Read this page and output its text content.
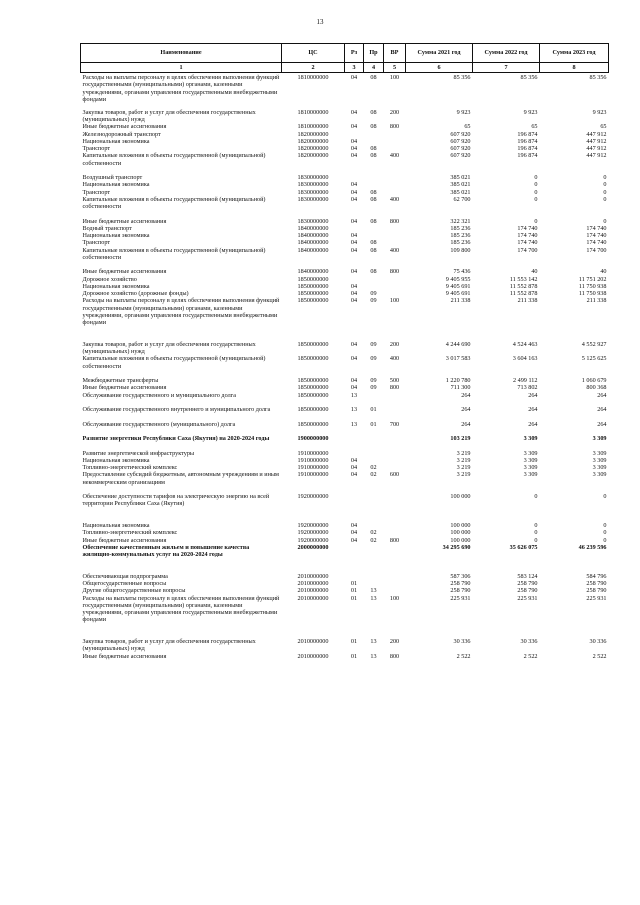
13
Наименование	ЦС	Рз	Пр	ВР	Сумма 2021 год	Сумма 2022 год	Сумма 2023 год
1	2	3	4	5	6	7	8
Расходы на выплаты персоналу в целях обеспечения выполнения функций государственными (муниципальными) органами, казенными учреждениями, органами управления государственными внебюджетными фондами	1810000000	04	08	100	85 356	85 356	85 356
Закупка товаров, работ и услуг для обеспечения государственных (муниципальных) нужд	1810000000	04	08	200	9 923	9 923	9 923
Иные бюджетные ассигнования	1810000000	04	08	800	65	65	65
Железнодорожный транспорт	1820000000				607 920	196 874	447 912
Национальная экономика	1820000000	04			607 920	196 874	447 912
Транспорт	1820000000	04	08		607 920	196 874	447 912
Капитальные вложения в объекты государственной (муниципальной) собственности	1820000000	04	08	400	607 920	196 874	447 912
Воздушный транспорт	1830000000				385 021	0	0
Национальная экономика	1830000000	04			385 021	0	0
Транспорт	1830000000	04	08		385 021	0	0
Капитальные вложения в объекты государственной (муниципальной) собственности	1830000000	04	08	400	62 700	0	0
Иные бюджетные ассигнования	1830000000	04	08	800	322 321	0	0
Водный транспорт	1840000000				185 236	174 740	174 740
Национальная экономика	1840000000	04			185 236	174 740	174 740
Транспорт	1840000000	04	08		185 236	174 740	174 740
Капитальные вложения в объекты государственной (муниципальной) собственности	1840000000	04	08	400	109 800	174 700	174 700
Иные бюджетные ассигнования	1840000000	04	08	800	75 436	40	40
Дорожное хозяйство	1850000000				9 405 955	11 553 142	11 751 202
Национальная экономика	1850000000	04			9 405 691	11 552 878	11 750 938
Дорожное хозяйство (дорожные фонды)	1850000000	04	09		9 405 691	11 552 878	11 750 938
Расходы на выплаты персоналу в целях обеспечения выполнения функций государственными (муниципальными) органами, казенными учреждениями, органами управления государственными внебюджетными фондами	1850000000	04	09	100	211 338	211 338	211 338
Закупка товаров, работ и услуг для обеспечения государственных (муниципальных) нужд	1850000000	04	09	200	4 244 690	4 524 463	4 552 927
Капитальные вложения в объекты государственной (муниципальной) собственности	1850000000	04	09	400	3 017 583	3 604 163	5 125 625
Межбюджетные трансферты	1850000000	04	09	500	1 220 780	2 499 112	1 060 679
Иные бюджетные ассигнования	1850000000	04	09	800	711 300	713 802	800 368
Обслуживание государственного и муниципального долга	1850000000	13			264	264	264
Обслуживание государственного внутреннего и муниципального долга	1850000000	13	01		264	264	264
Обслуживание государственного (муниципального) долга	1850000000	13	01	700	264	264	264
Развитие энергетики Республики Саха (Якутия) на 2020-2024 годы	1900000000				103 219	3 309	3 309
Развитие энергетической инфраструктуры	1910000000				3 219	3 309	3 309
Национальная экономика	1910000000	04			3 219	3 309	3 309
Топливно-энергетический комплекс	1910000000	04	02		3 219	3 309	3 309
Предоставление субсидий бюджетным, автономным учреждениям и иным некоммерческим организациям	1910000000	04	02	600	3 219	3 309	3 309
Обеспечение доступности тарифов на электрическую энергию на всей территории Республики Саха (Якутия)	1920000000				100 000	0	0
Национальная экономика	1920000000	04			100 000	0	0
Топливно-энергетический комплекс	1920000000	04	02		100 000	0	0
Иные бюджетные ассигнования	1920000000	04	02	800	100 000	0	0
Обеспечение качественным жильем и повышение качества жилищно-коммунальных услуг на 2020-2024 годы	2000000000				34 295 690	35 626 075	46 239 596
Обеспечивающая подпрограмма	2010000000				587 306	583 124	584 796
Общегосударственные вопросы	2010000000	01			258 790	258 790	258 790
Другие общегосударственные вопросы	2010000000	01	13		258 790	258 790	258 790
Расходы на выплаты персоналу в целях обеспечения выполнения функций государственными (муниципальными) органами, казенными учреждениями, органами управления государственными внебюджетными фондами	2010000000	01	13	100	225 931	225 931	225 931
Закупка товаров, работ и услуг для обеспечения государственных (муниципальных) нужд	2010000000	01	13	200	30 336	30 336	30 336
Иные бюджетные ассигнования	2010000000	01	13	800	2 522	2 522	2 522
